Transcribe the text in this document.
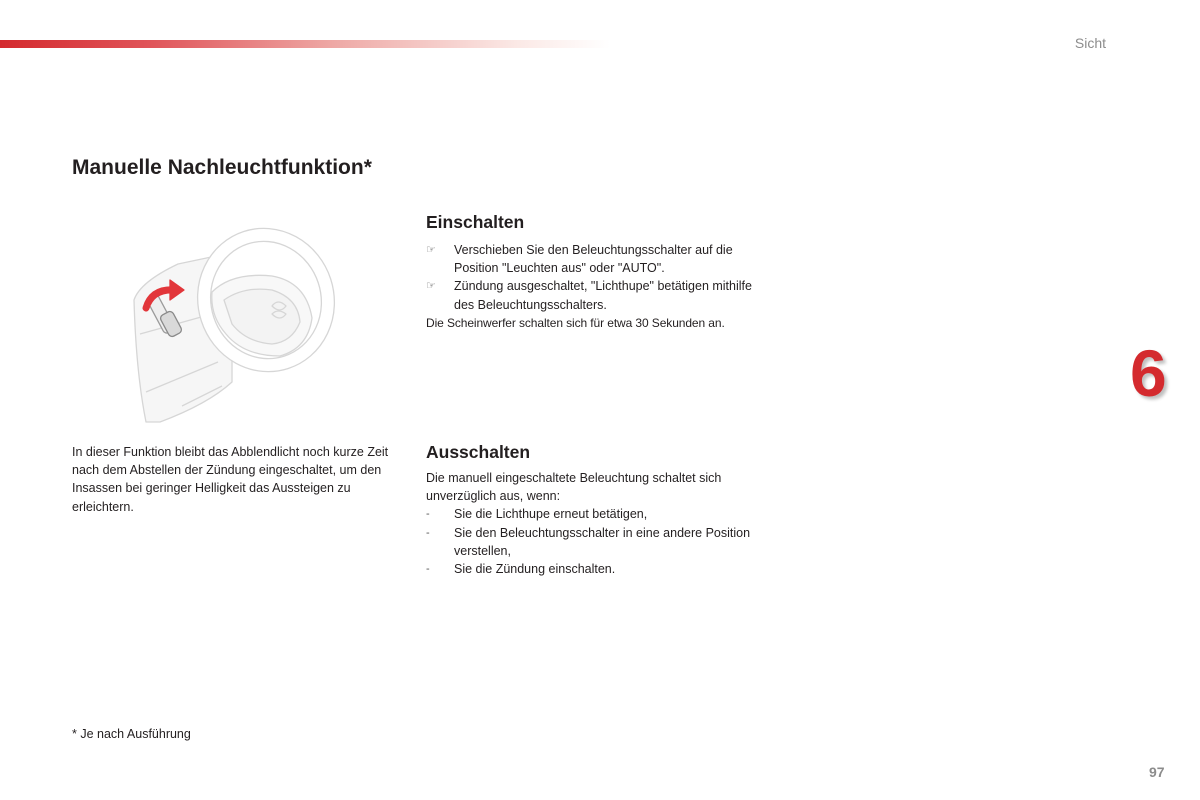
Sicht
Manuelle Nachleuchtfunktion*

In dieser Funktion bleibt das Abblendlicht noch kurze Zeit nach dem Abstellen der Zündung eingeschaltet, um den Insassen bei geringer Helligkeit das Aussteigen zu erleichtern.

Einschalten
☞	Verschieben Sie den Beleuchtungsschalter auf die Position "Leuchten aus" oder "AUTO".
☞	Zündung ausgeschaltet, "Lichthupe" betätigen mithilfe des Beleuchtungsschalters.

Die Scheinwerfer schalten sich für etwa 30 Sekunden an.

Ausschalten

Die manuell eingeschaltete Beleuchtung schaltet sich unverzüglich aus, wenn:

-	Sie die Lichthupe erneut betätigen,
-	Sie den Beleuchtungsschalter in eine andere Position verstellen,
-	Sie die Zündung einschalten.
6

* Je nach Ausführung

97
